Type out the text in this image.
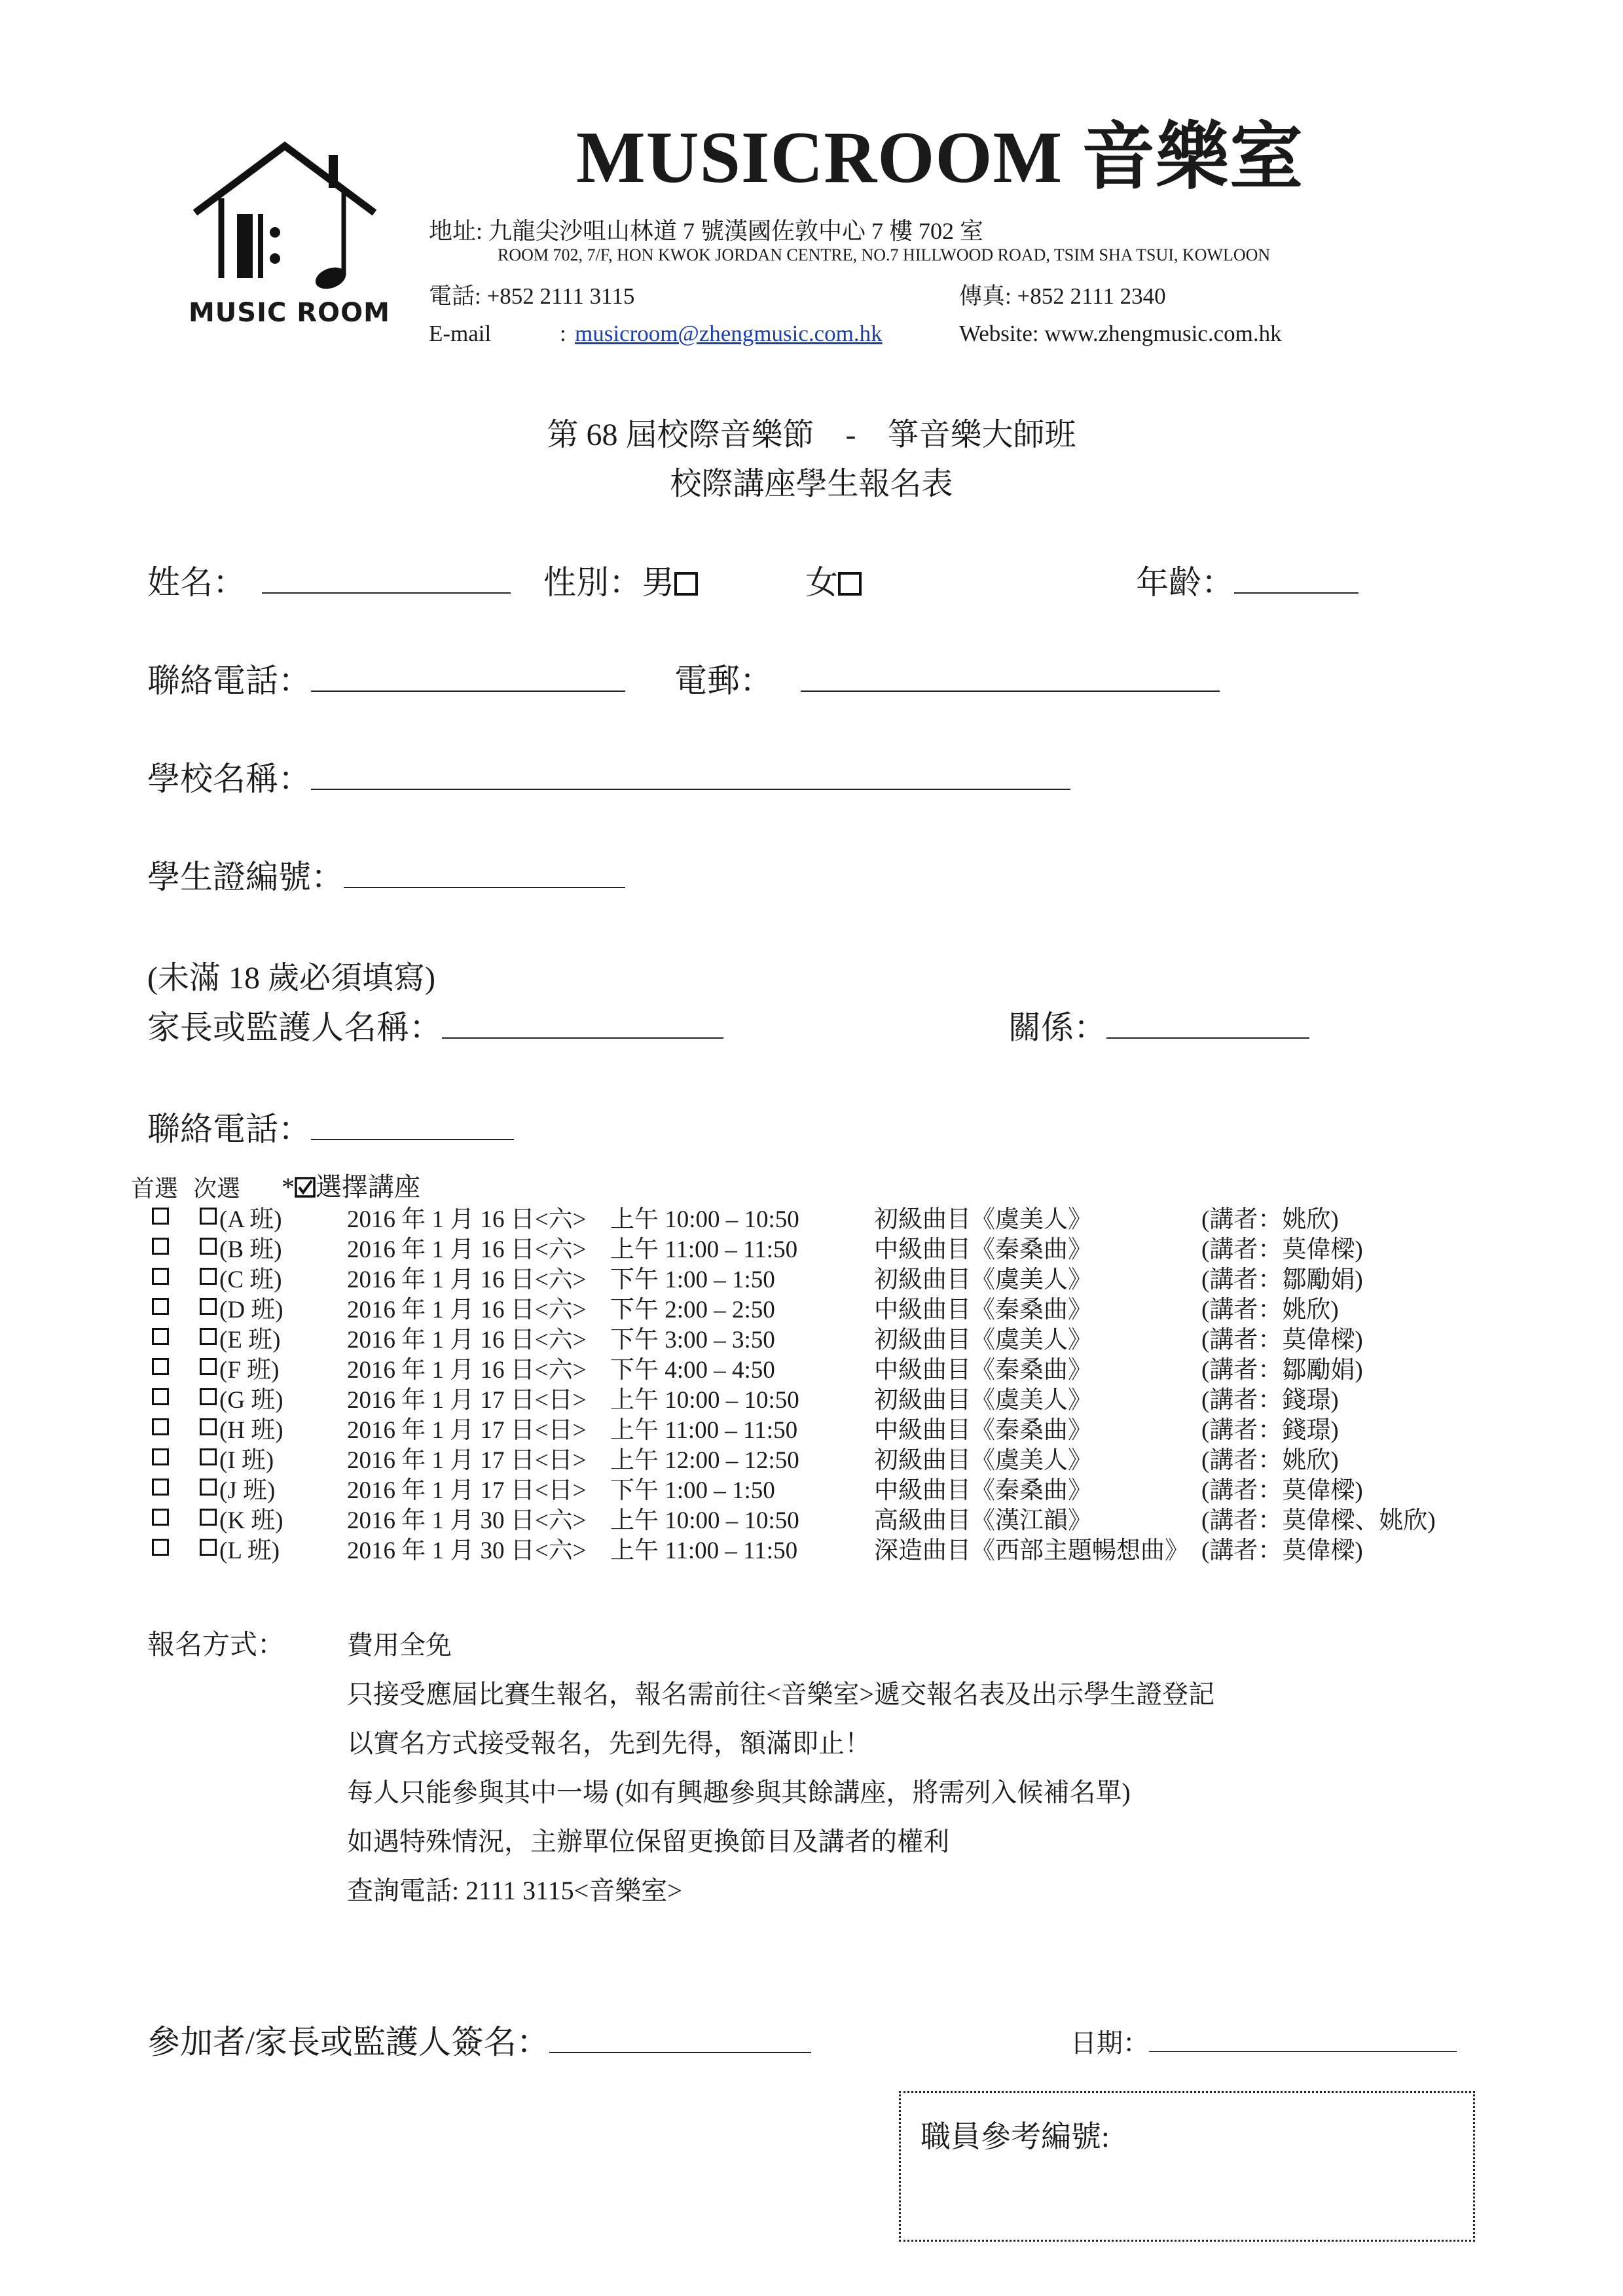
MUSIC ROOM
MUSICROOM 音樂室
地址: 九龍尖沙咀山林道 7 號漢國佐敦中心 7 樓 702 室
ROOM 702, 7/F, HON KWOK JORDAN CENTRE, NO.7 HILLWOOD ROAD, TSIM SHA TSUI, KOWLOON
電話: +852 2111 3115	傳真: +852 2111 2340
E-mail	: musicroom@zhengmusic.com.hk	Website: www.zhengmusic.com.hk
第 68 屆校際音樂節　-　箏音樂大師班
校際講座學生報名表
姓名：	性別：男	女	年齡：
聯絡電話：	電郵：
學校名稱：
學生證編號：
(未滿 18 歲必須填寫)
家長或監護人名稱：	關係：
聯絡電話：
首選 次選 * 選擇講座
(A 班)	2016 年 1 月 16 日<六> 上午 10:00 – 10:50	初級曲目《虞美人》	(講者：姚欣)
(B 班)	2016 年 1 月 16 日<六> 上午 11:00 – 11:50	中級曲目《秦桑曲》	(講者：莫偉樑)
(C 班)	2016 年 1 月 16 日<六> 下午 1:00 – 1:50	初級曲目《虞美人》	(講者：鄒勵娟)
(D 班)	2016 年 1 月 16 日<六> 下午 2:00 – 2:50	中級曲目《秦桑曲》	(講者：姚欣)
(E 班)	2016 年 1 月 16 日<六> 下午 3:00 – 3:50	初級曲目《虞美人》	(講者：莫偉樑)
(F 班)	2016 年 1 月 16 日<六> 下午 4:00 – 4:50	中級曲目《秦桑曲》	(講者：鄒勵娟)
(G 班)	2016 年 1 月 17 日<日> 上午 10:00 – 10:50	初級曲目《虞美人》	(講者：錢璟)
(H 班)	2016 年 1 月 17 日<日> 上午 11:00 – 11:50	中級曲目《秦桑曲》	(講者：錢璟)
(I 班)	2016 年 1 月 17 日<日> 上午 12:00 – 12:50	初級曲目《虞美人》	(講者：姚欣)
(J 班)	2016 年 1 月 17 日<日> 下午 1:00 – 1:50	中級曲目《秦桑曲》	(講者：莫偉樑)
(K 班)	2016 年 1 月 30 日<六> 上午 10:00 – 10:50	高級曲目《漢江韻》	(講者：莫偉樑、姚欣)
(L 班)	2016 年 1 月 30 日<六> 上午 11:00 – 11:50	深造曲目《西部主題暢想曲》 (講者：莫偉樑)
報名方式： 費用全免
只接受應屆比賽生報名，報名需前往<音樂室>遞交報名表及出示學生證登記
以實名方式接受報名，先到先得，額滿即止！
每人只能參與其中一場 (如有興趣參與其餘講座，將需列入候補名單)
如遇特殊情況，主辦單位保留更換節目及講者的權利
查詢電話: 2111 3115<音樂室>
參加者/家長或監護人簽名：	日期：
職員參考編號:
